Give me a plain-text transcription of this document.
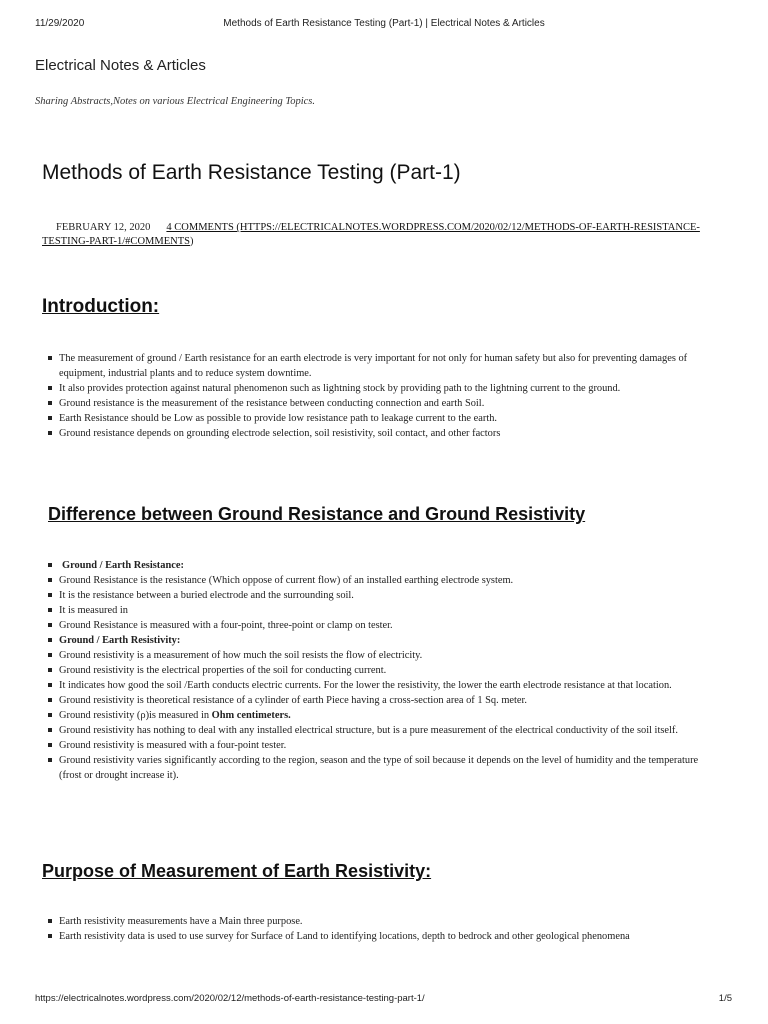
11/29/2020	Methods of Earth Resistance Testing (Part-1) | Electrical Notes & Articles
Electrical Notes & Articles
Sharing Abstracts,Notes on various Electrical Engineering Topics.
Methods of Earth Resistance Testing (Part-1)
FEBRUARY 12, 2020 4 COMMENTS (HTTPS://ELECTRICALNOTES.WORDPRESS.COM/2020/02/12/METHODS-OF-EARTH-RESISTANCE-TESTING-PART-1/#COMMENTS)
Introduction:
The measurement of ground / Earth resistance for an earth electrode is very important for not only for human safety but also for preventing damages of equipment, industrial plants and to reduce system downtime.
It also provides protection against natural phenomenon such as lightning stock by providing path to the lightning current to the ground.
Ground resistance is the measurement of the resistance between conducting connection and earth Soil.
Earth Resistance should be Low as possible to provide low resistance path to leakage current to the earth.
Ground resistance depends on grounding electrode selection, soil resistivity, soil contact, and other factors
Difference between Ground Resistance and Ground Resistivity
Ground / Earth Resistance:
Ground Resistance is the resistance (Which oppose of current flow) of an installed earthing electrode system.
It is the resistance between a buried electrode and the surrounding soil.
It is measured in
Ground Resistance is measured with a four-point, three-point or clamp on tester.
Ground / Earth Resistivity:
Ground resistivity is a measurement of how much the soil resists the flow of electricity.
Ground resistivity is the electrical properties of the soil for conducting current.
It indicates how good the soil /Earth conducts electric currents. For the lower the resistivity, the lower the earth electrode resistance at that location.
Ground resistivity is theoretical resistance of a cylinder of earth Piece having a cross-section area of 1 Sq. meter.
Ground resistivity (ρ)is measured in Ohm centimeters.
Ground resistivity has nothing to deal with any installed electrical structure, but is a pure measurement of the electrical conductivity of the soil itself.
Ground resistivity is measured with a four-point tester.
Ground resistivity varies significantly according to the region, season and the type of soil because it depends on the level of humidity and the temperature (frost or drought increase it).
Purpose of Measurement of Earth Resistivity:
Earth resistivity measurements have a Main three purpose.
Earth resistivity data is used to use survey for Surface of Land to identifying locations, depth to bedrock and other geological phenomena
https://electricalnotes.wordpress.com/2020/02/12/methods-of-earth-resistance-testing-part-1/	1/5
